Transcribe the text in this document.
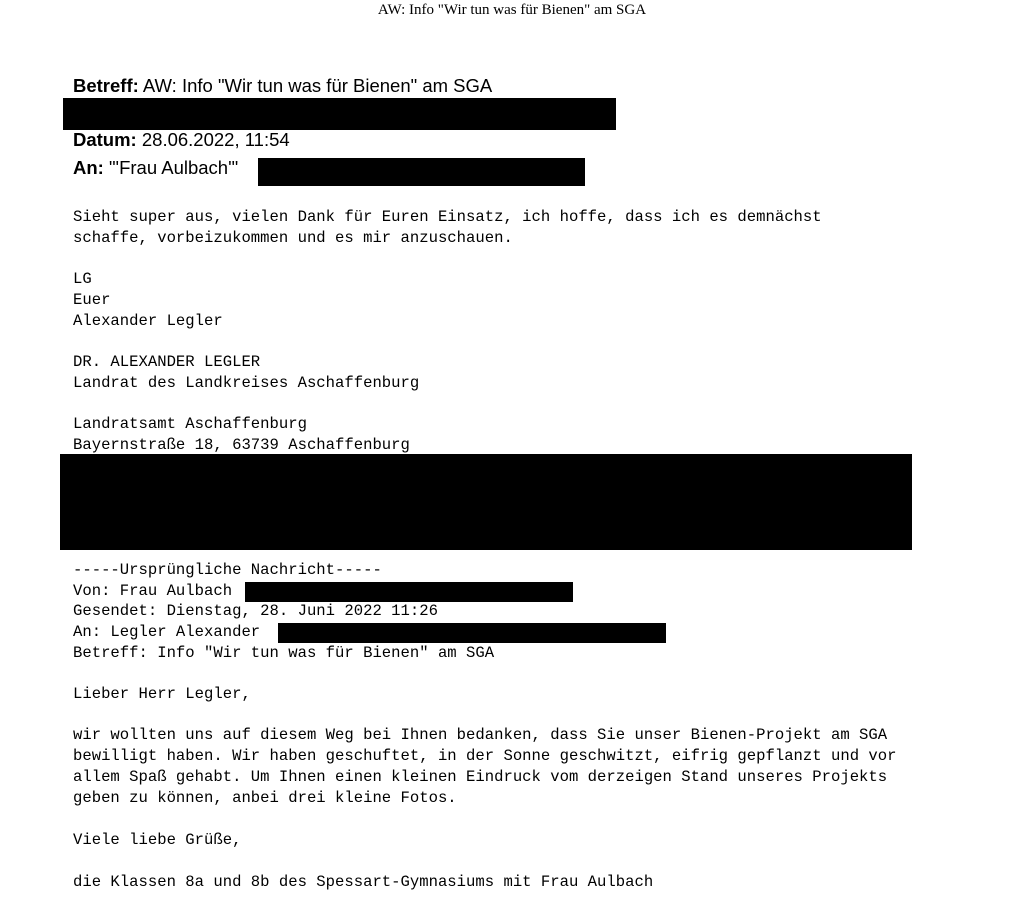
AW: Info "Wir tun was für Bienen" am SGA
Betreff: AW: Info "Wir tun was für Bienen" am SGA
Datum: 28.06.2022, 11:54
An: "'Frau Aulbach'"
Sieht super aus, vielen Dank für Euren Einsatz, ich hoffe, dass ich es demnächst
schaffe, vorbeizukommen und es mir anzuschauen.
LG
Euer
Alexander Legler
DR. ALEXANDER LEGLER
Landrat des Landkreises Aschaffenburg
Landratsamt Aschaffenburg
Bayernstraße 18, 63739 Aschaffenburg
-----Ursprüngliche Nachricht-----
Von: Frau Aulbach
Gesendet: Dienstag, 28. Juni 2022 11:26
An: Legler Alexander
Betreff: Info "Wir tun was für Bienen" am SGA
Lieber Herr Legler,
wir wollten uns auf diesem Weg bei Ihnen bedanken, dass Sie unser Bienen-Projekt am SGA
bewilligt haben. Wir haben geschuftet, in der Sonne geschwitzt, eifrig gepflanzt und vor
allem Spaß gehabt. Um Ihnen einen kleinen Eindruck vom derzeigen Stand unseres Projekts
geben zu können, anbei drei kleine Fotos.
Viele liebe Grüße,
die Klassen 8a und 8b des Spessart-Gymnasiums mit Frau Aulbach
